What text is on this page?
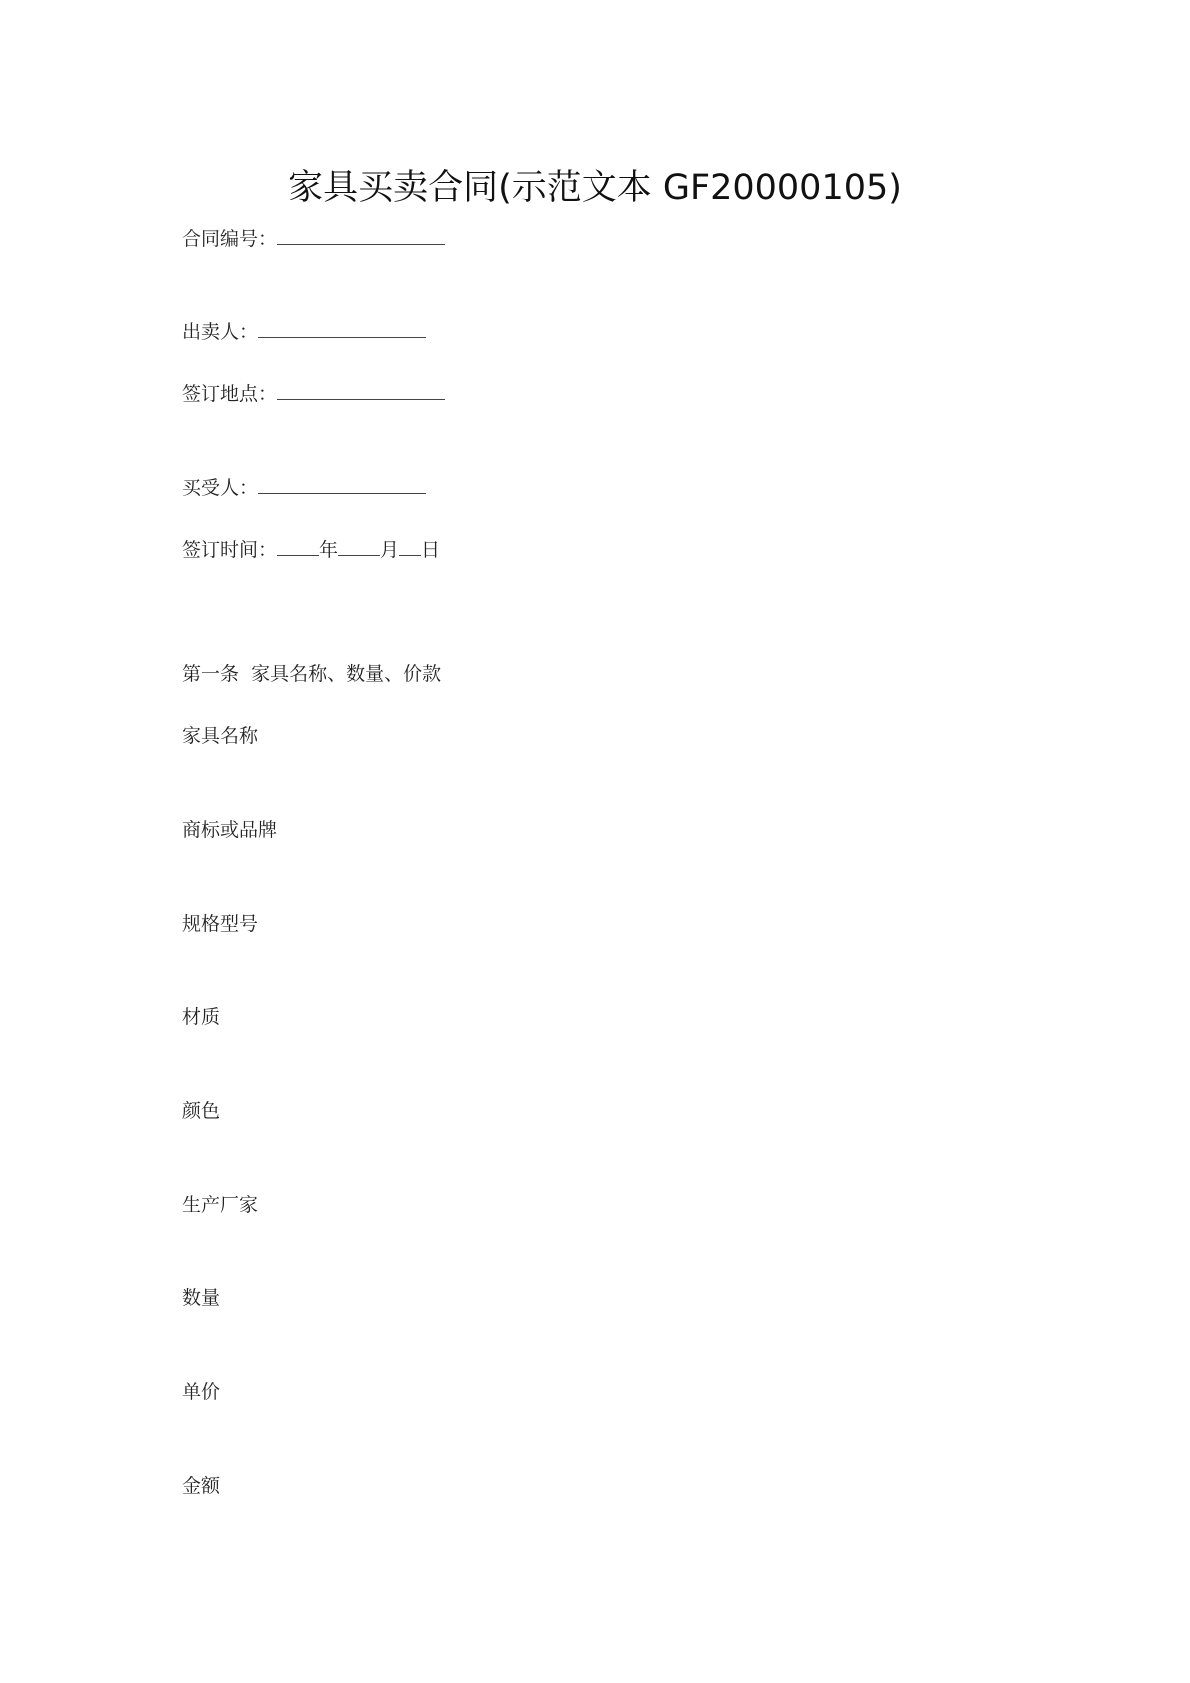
家具买卖合同(示范文本 GF20000105)
合同编号：
出卖人：
签订地点：
买受人：
签订时间： 年 月 日
第一条  家具名称、数量、价款
家具名称
商标或品牌
规格型号
材质
颜色
生产厂家
数量
单价
金额
